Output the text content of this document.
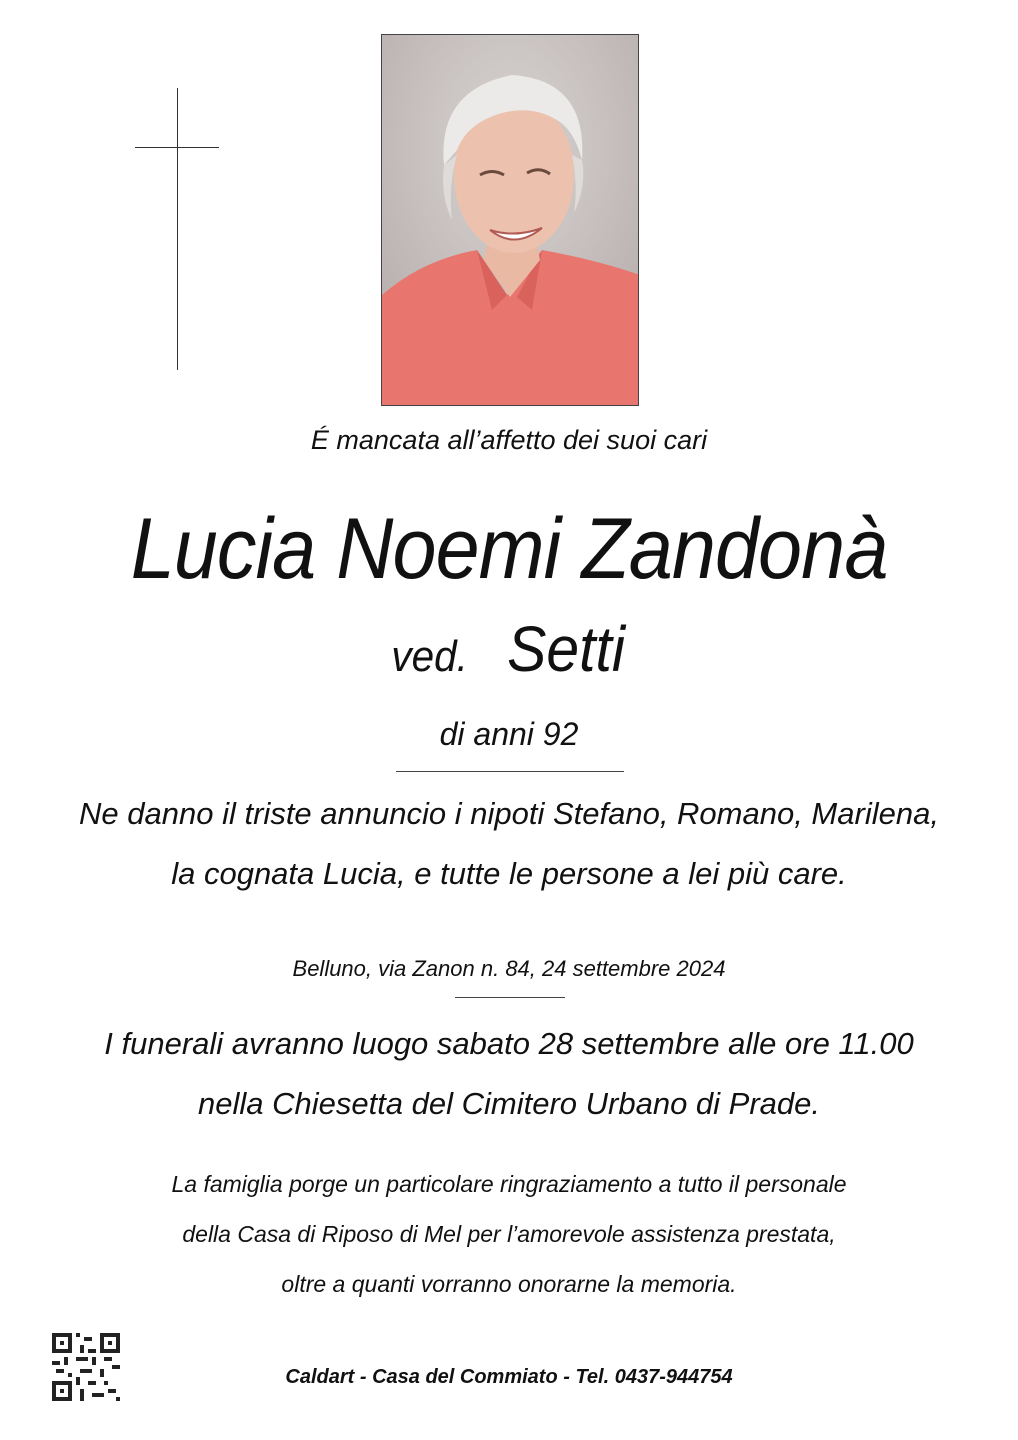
É mancata all’affetto dei suoi cari
Lucia Noemi Zandonà
ved. Setti
di anni 92
Ne danno il triste annuncio i nipoti Stefano, Romano, Marilena,
la cognata Lucia, e tutte le persone a lei più care.
Belluno, via Zanon n. 84, 24 settembre 2024
I funerali avranno luogo sabato 28 settembre alle ore 11.00
nella Chiesetta del Cimitero Urbano di Prade.
La famiglia porge un particolare ringraziamento a tutto il personale
della Casa di Riposo di Mel per l’amorevole assistenza prestata,
oltre a quanti vorranno onorarne la memoria.
Caldart - Casa del Commiato - Tel. 0437-944754
